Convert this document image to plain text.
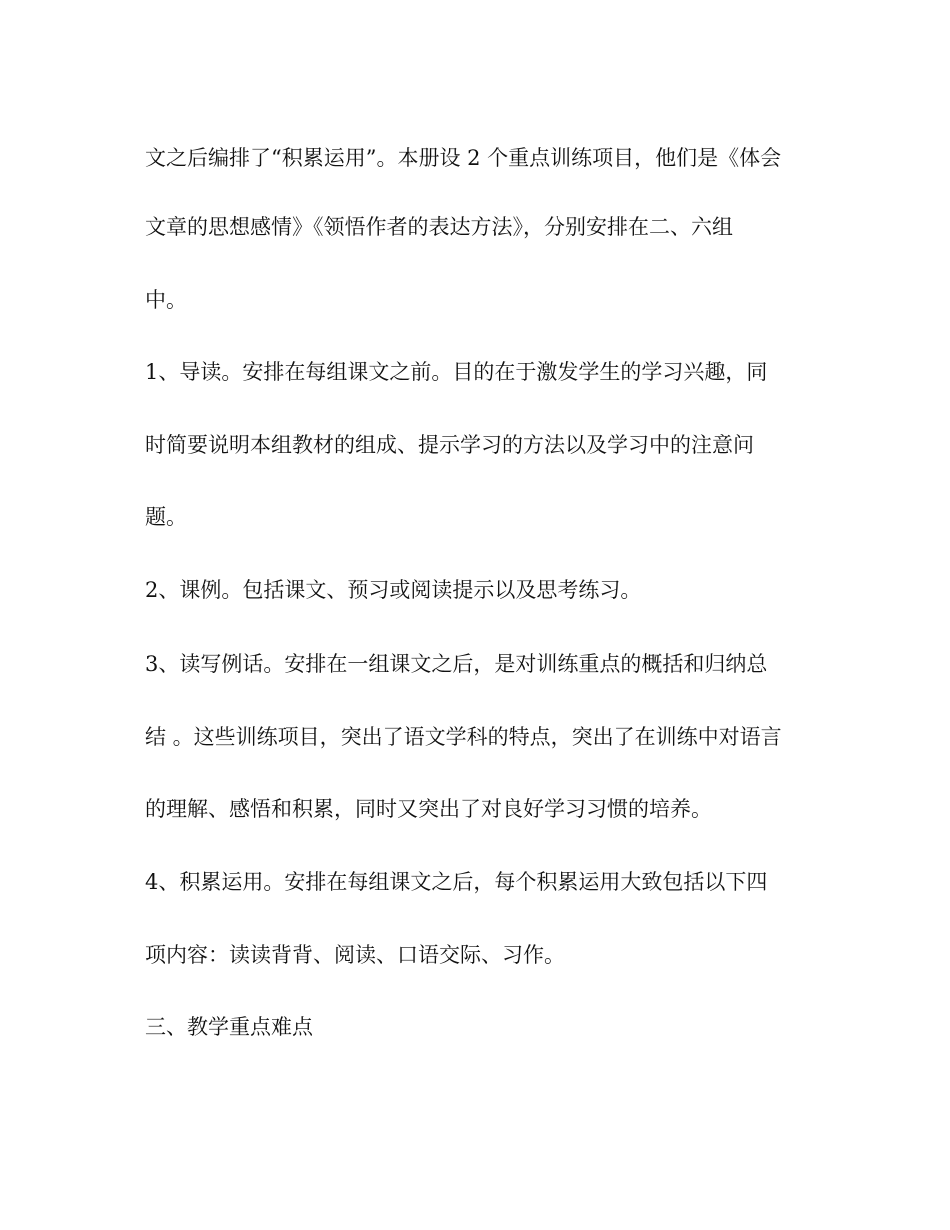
文之后编排了“积累运用”。本册设 2 个重点训练项目，他们是《体会
文章的思想感情》《领悟作者的表达方法》，分别安排在二、六组
中。
1、导读。安排在每组课文之前。目的在于激发学生的学习兴趣，同
时简要说明本组教材的组成、提示学习的方法以及学习中的注意问
题。
2、课例。包括课文、预习或阅读提示以及思考练习。
3、读写例话。安排在一组课文之后，是对训练重点的概括和归纳总
结 。这些训练项目，突出了语文学科的特点，突出了在训练中对语言
的理解、感悟和积累，同时又突出了对良好学习习惯的培养。
4、积累运用。安排在每组课文之后，每个积累运用大致包括以下四
项内容：读读背背、阅读、口语交际、习作。
三、教学重点难点
